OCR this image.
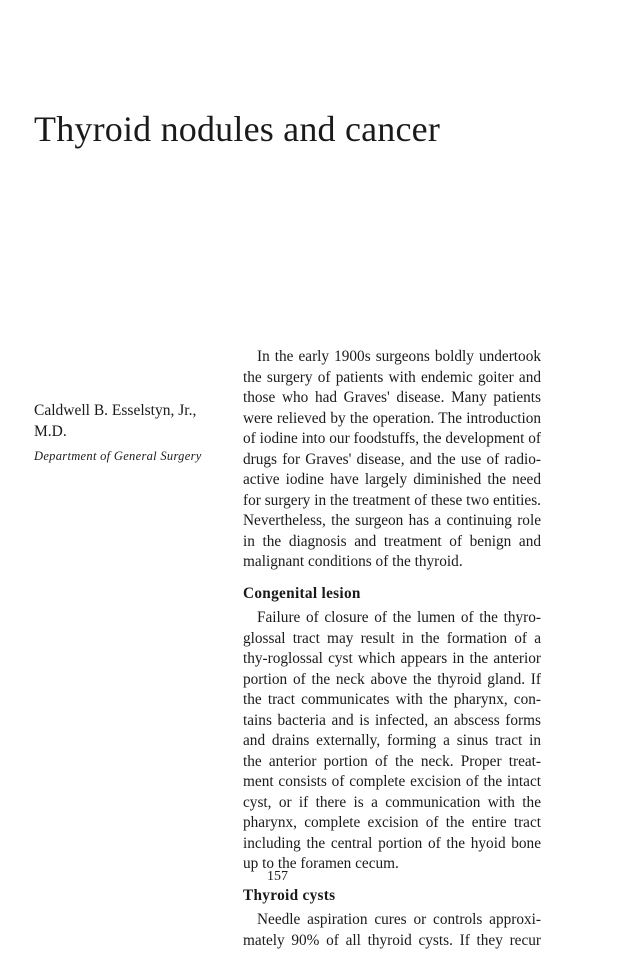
Thyroid nodules and cancer

Caldwell B. Esselstyn, Jr.,
M.D.

Department of General Surgery

In the early 1900s surgeons boldly undertook the surgery of patients with endemic goiter and those who had Graves' disease. Many patients were relieved by the operation. The introduction of iodine into our foodstuffs, the development of drugs for Graves' disease, and the use of radio-active iodine have largely diminished the need for surgery in the treatment of these two entities. Nevertheless, the surgeon has a continuing role in the diagnosis and treatment of benign and malignant conditions of the thyroid.

Congenital lesion

Failure of closure of the lumen of the thyro-glossal tract may result in the formation of a thy-roglossal cyst which appears in the anterior portion of the neck above the thyroid gland. If the tract communicates with the pharynx, con-tains bacteria and is infected, an abscess forms and drains externally, forming a sinus tract in the anterior portion of the neck. Proper treat-ment consists of complete excision of the intact cyst, or if there is a communication with the pharynx, complete excision of the entire tract including the central portion of the hyoid bone up to the foramen cecum.

Thyroid cysts

Needle aspiration cures or controls approxi-mately 90% of all thyroid cysts. If they recur

157
